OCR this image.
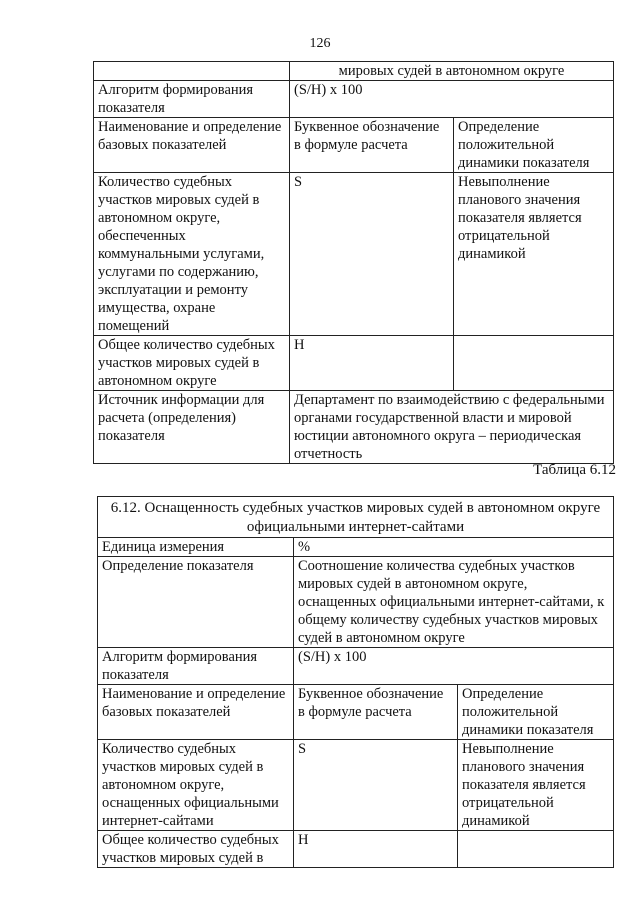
126
	мировых судей в автономном округе	
Алгоритм формирования показателя	(S/H) x 100	
Наименование и определение базовых показателей	Буквенное обозначение в формуле расчета	Определение положительной динамики показателя
Количество судебных участков мировых судей в автономном округе, обеспеченных коммунальными услугами, услугами по содержанию, эксплуатации и ремонту имущества, охране помещений	S	Невыполнение планового значения показателя является отрицательной динамикой
Общее количество судебных участков мировых судей в автономном округе	H	
Источник информации для расчета (определения) показателя	Департамент по взаимодействию с федеральными органами государственной власти и мировой юстиции автономного округа – периодическая отчетность	
Таблица 6.12
6.12. Оснащенность судебных участков мировых судей в автономном округе официальными интернет-сайтами		
Единица измерения	%	
Определение показателя	Соотношение количества судебных участков мировых судей в автономном округе, оснащенных официальными интернет-сайтами, к общему количеству судебных участков мировых судей в автономном округе	
Алгоритм формирования показателя	(S/H) x 100	
Наименование и определение базовых показателей	Буквенное обозначение в формуле расчета	Определение положительной динамики показателя
Количество судебных участков мировых судей в автономном округе, оснащенных официальными интернет-сайтами	S	Невыполнение планового значения показателя является отрицательной динамикой
Общее количество судебных участков мировых судей в	H	
